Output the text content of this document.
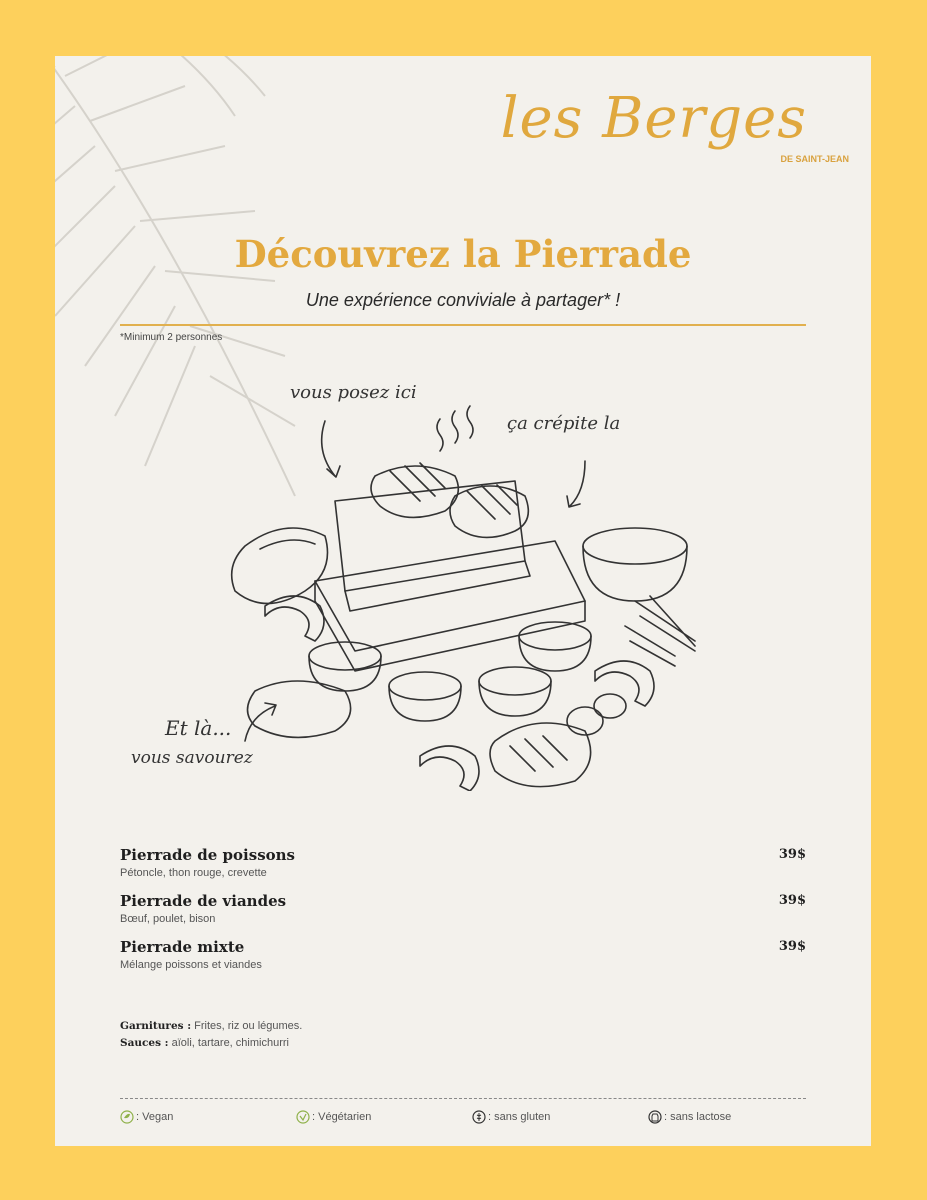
les Berges
DE SAINT-JEAN
Découvrez la Pierrade
Une expérience conviviale à partager* !
*Minimum 2 personnes
vous posez ici
ça crépite la
Et là...
vous savourez
Pierrade de poissons
Pétoncle, thon rouge, crevette
39$
Pierrade de viandes
Bœuf, poulet, bison
39$
Pierrade mixte
Mélange poissons et viandes
39$
Garnitures : Frites, riz ou légumes.
Sauces : aïoli, tartare, chimichurri
: Vegan	: Végétarien	: sans gluten	: sans lactose
